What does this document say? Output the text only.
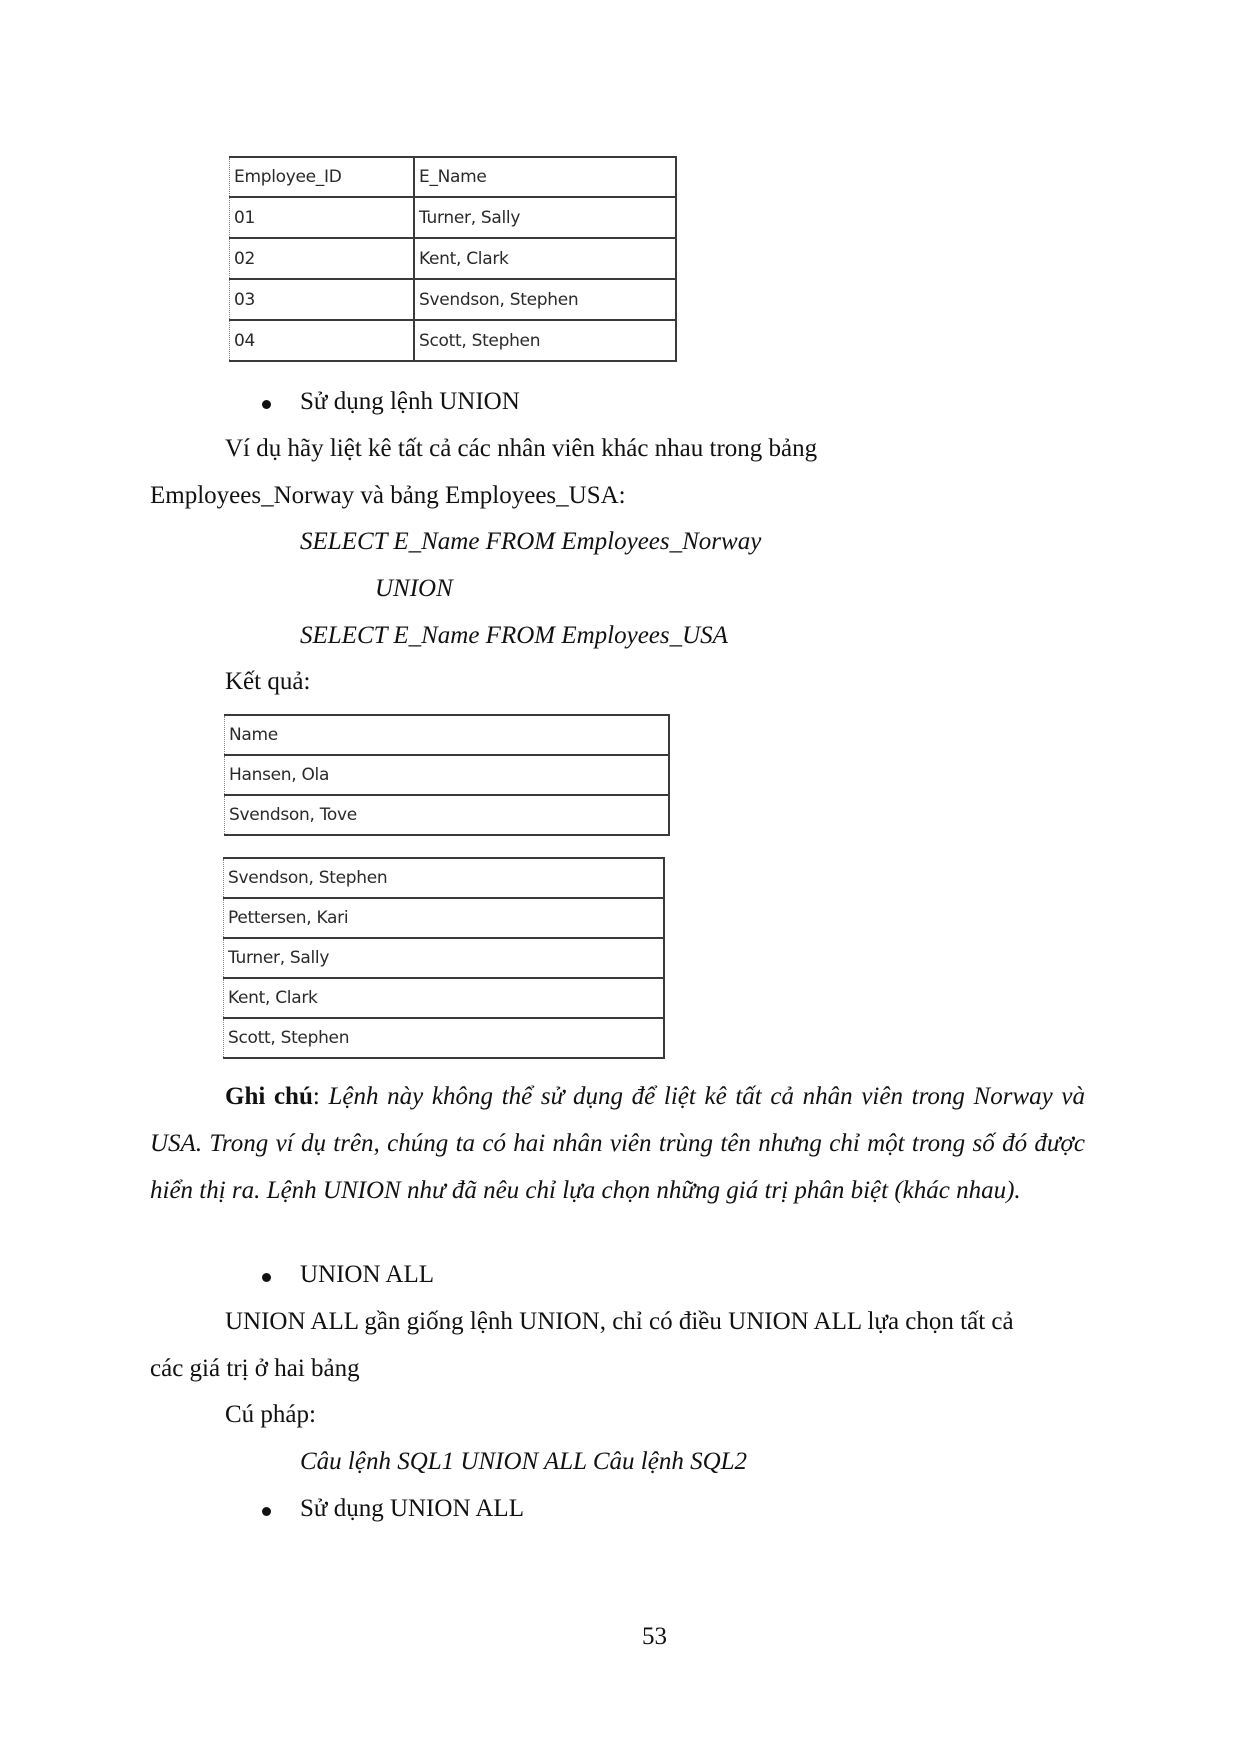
Employee_ID	E_Name
01	Turner, Sally
02	Kent, Clark
03	Svendson, Stephen
04	Scott, Stephen
Sử dụng lệnh UNION
Ví dụ hãy liệt kê tất cả các nhân viên khác nhau trong bảng
Employees_Norway và bảng Employees_USA:
SELECT E_Name FROM Employees_Norway
UNION
SELECT E_Name FROM Employees_USA
Kết quả:
Name
Hansen, Ola
Svendson, Tove
Svendson, Stephen
Pettersen, Kari
Turner, Sally
Kent, Clark
Scott, Stephen
Ghi chú: Lệnh này không thể sử dụng để liệt kê tất cả nhân viên trong Norway và USA. Trong ví dụ trên, chúng ta có hai nhân viên trùng tên nhưng chỉ một trong số đó được hiển thị ra. Lệnh UNION như đã nêu chỉ lựa chọn những giá trị phân biệt (khác nhau).
UNION ALL
UNION ALL gần giống lệnh UNION, chỉ có điều UNION ALL lựa chọn tất cả
các giá trị ở hai bảng
Cú pháp:
Câu lệnh SQL1 UNION ALL Câu lệnh SQL2
Sử dụng UNION ALL
53
